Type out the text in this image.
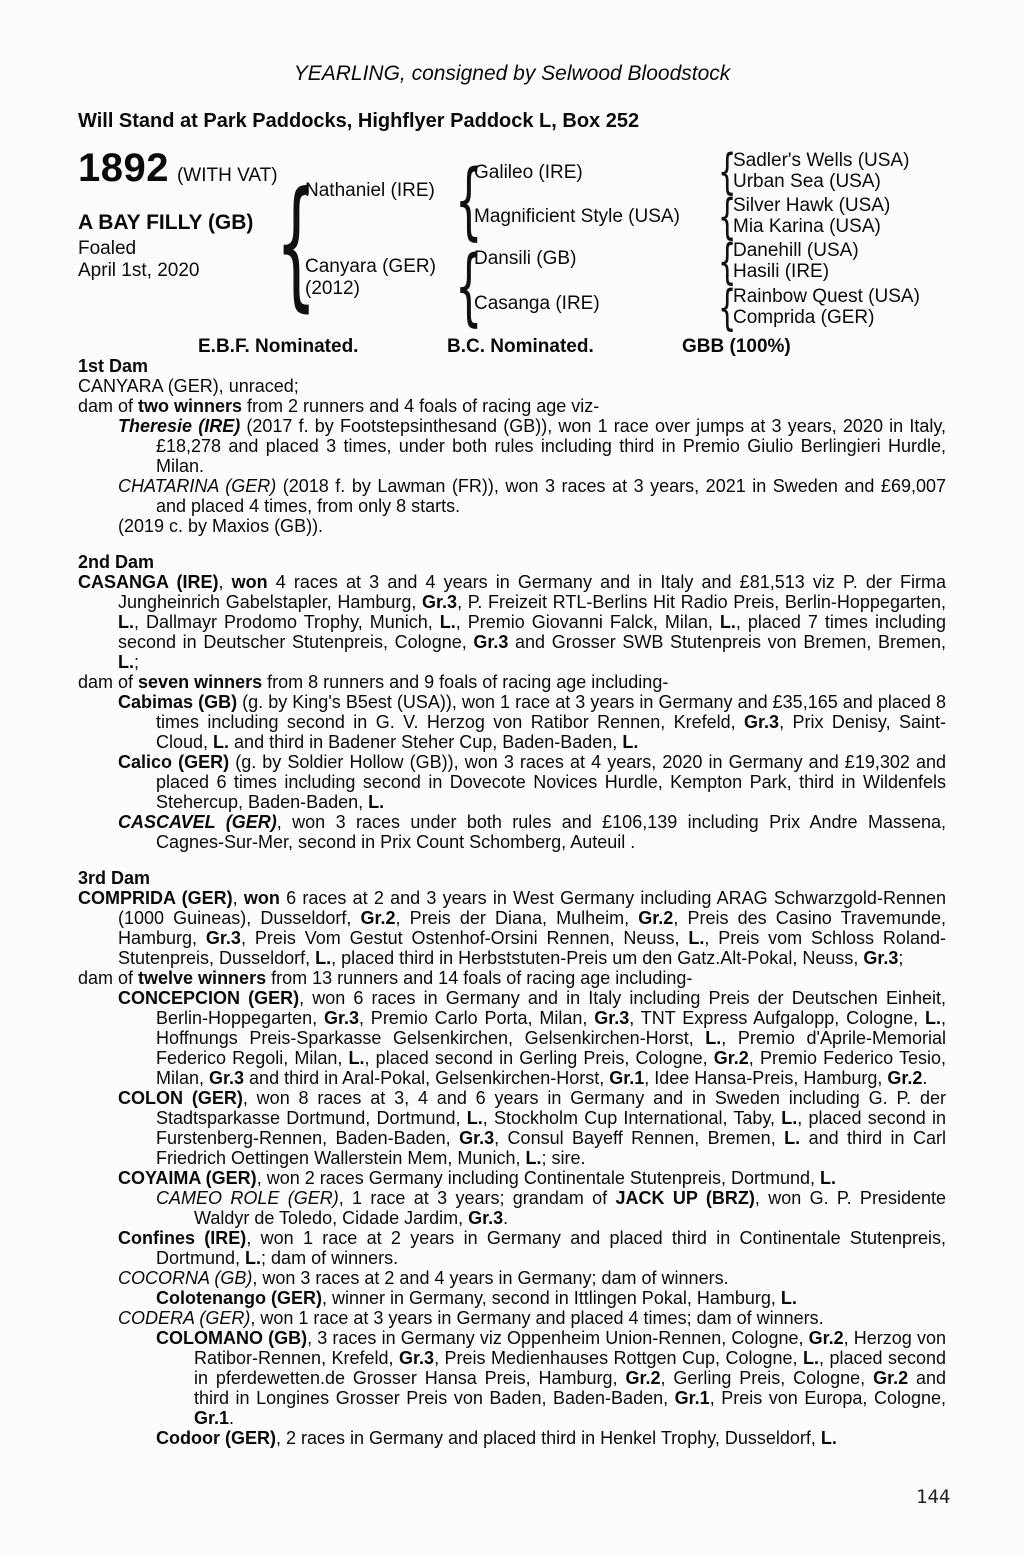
YEARLING, consigned by Selwood Bloodstock
Will Stand at Park Paddocks, Highflyer Paddock L, Box 252
1892 (WITH VAT)
A BAY FILLY (GB)
Foaled
April 1st, 2020 {
Nathaniel (IRE)
Canyara (GER)
(2012)
{
Galileo (IRE)
Magnificient Style (USA)
{
Dansili (GB)
Casanga (IRE)
{
Sadler's Wells (USA)
Urban Sea (USA)
{
Silver Hawk (USA)
Mia Karina (USA)
{
Danehill (USA)
Hasili (IRE)
{
Rainbow Quest (USA)
Comprida (GER)
E.B.F. Nominated.	B.C. Nominated.	GBB (100%)
1st Dam
CANYARA (GER), unraced;
dam of two winners from 2 runners and 4 foals of racing age viz-
Theresie (IRE) (2017 f. by Footstepsinthesand (GB)), won 1 race over jumps at 3 years, 2020 in Italy, £18,278 and placed 3 times, under both rules including third in Premio Giulio Berlingieri Hurdle, Milan.
CHATARINA (GER) (2018 f. by Lawman (FR)), won 3 races at 3 years, 2021 in Sweden and £69,007 and placed 4 times, from only 8 starts.
(2019 c. by Maxios (GB)).
2nd Dam
CASANGA (IRE), won 4 races at 3 and 4 years in Germany and in Italy and £81,513 viz P. der Firma Jungheinrich Gabelstapler, Hamburg, Gr.3, P. Freizeit RTL-Berlins Hit Radio Preis, Berlin-Hoppegarten, L., Dallmayr Prodomo Trophy, Munich, L., Premio Giovanni Falck, Milan, L., placed 7 times including second in Deutscher Stutenpreis, Cologne, Gr.3 and Grosser SWB Stutenpreis von Bremen, Bremen, L.;
dam of seven winners from 8 runners and 9 foals of racing age including-
Cabimas (GB) (g. by King's B5est (USA)), won 1 race at 3 years in Germany and £35,165 and placed 8 times including second in G. V. Herzog von Ratibor Rennen, Krefeld, Gr.3, Prix Denisy, Saint-Cloud, L. and third in Badener Steher Cup, Baden-Baden, L.
Calico (GER) (g. by Soldier Hollow (GB)), won 3 races at 4 years, 2020 in Germany and £19,302 and placed 6 times including second in Dovecote Novices Hurdle, Kempton Park, third in Wildenfels Stehercup, Baden-Baden, L.
CASCAVEL (GER), won 3 races under both rules and £106,139 including Prix Andre Massena, Cagnes-Sur-Mer, second in Prix Count Schomberg, Auteuil .
3rd Dam
COMPRIDA (GER), won 6 races at 2 and 3 years in West Germany including ARAG Schwarzgold-Rennen (1000 Guineas), Dusseldorf, Gr.2, Preis der Diana, Mulheim, Gr.2, Preis des Casino Travemunde, Hamburg, Gr.3, Preis Vom Gestut Ostenhof-Orsini Rennen, Neuss, L., Preis vom Schloss Roland-Stutenpreis, Dusseldorf, L., placed third in Herbststuten-Preis um den Gatz.Alt-Pokal, Neuss, Gr.3;
dam of twelve winners from 13 runners and 14 foals of racing age including-
CONCEPCION (GER), won 6 races in Germany and in Italy including Preis der Deutschen Einheit, Berlin-Hoppegarten, Gr.3, Premio Carlo Porta, Milan, Gr.3, TNT Express Aufgalopp, Cologne, L., Hoffnungs Preis-Sparkasse Gelsenkirchen, Gelsenkirchen-Horst, L., Premio d'Aprile-Memorial Federico Regoli, Milan, L., placed second in Gerling Preis, Cologne, Gr.2, Premio Federico Tesio, Milan, Gr.3 and third in Aral-Pokal, Gelsenkirchen-Horst, Gr.1, Idee Hansa-Preis, Hamburg, Gr.2.
COLON (GER), won 8 races at 3, 4 and 6 years in Germany and in Sweden including G. P. der Stadtsparkasse Dortmund, Dortmund, L., Stockholm Cup International, Taby, L., placed second in Furstenberg-Rennen, Baden-Baden, Gr.3, Consul Bayeff Rennen, Bremen, L. and third in Carl Friedrich Oettingen Wallerstein Mem, Munich, L.; sire.
COYAIMA (GER), won 2 races Germany including Continentale Stutenpreis, Dortmund, L.
CAMEO ROLE (GER), 1 race at 3 years; grandam of JACK UP (BRZ), won G. P. Presidente Waldyr de Toledo, Cidade Jardim, Gr.3.
Confines (IRE), won 1 race at 2 years in Germany and placed third in Continentale Stutenpreis, Dortmund, L.; dam of winners.
COCORNA (GB), won 3 races at 2 and 4 years in Germany; dam of winners.
Colotenango (GER), winner in Germany, second in Ittlingen Pokal, Hamburg, L.
CODERA (GER), won 1 race at 3 years in Germany and placed 4 times; dam of winners.
COLOMANO (GB), 3 races in Germany viz Oppenheim Union-Rennen, Cologne, Gr.2, Herzog von Ratibor-Rennen, Krefeld, Gr.3, Preis Medienhauses Rottgen Cup, Cologne, L., placed second in pferdewetten.de Grosser Hansa Preis, Hamburg, Gr.2, Gerling Preis, Cologne, Gr.2 and third in Longines Grosser Preis von Baden, Baden-Baden, Gr.1, Preis von Europa, Cologne, Gr.1.
Codoor (GER), 2 races in Germany and placed third in Henkel Trophy, Dusseldorf, L.
144
